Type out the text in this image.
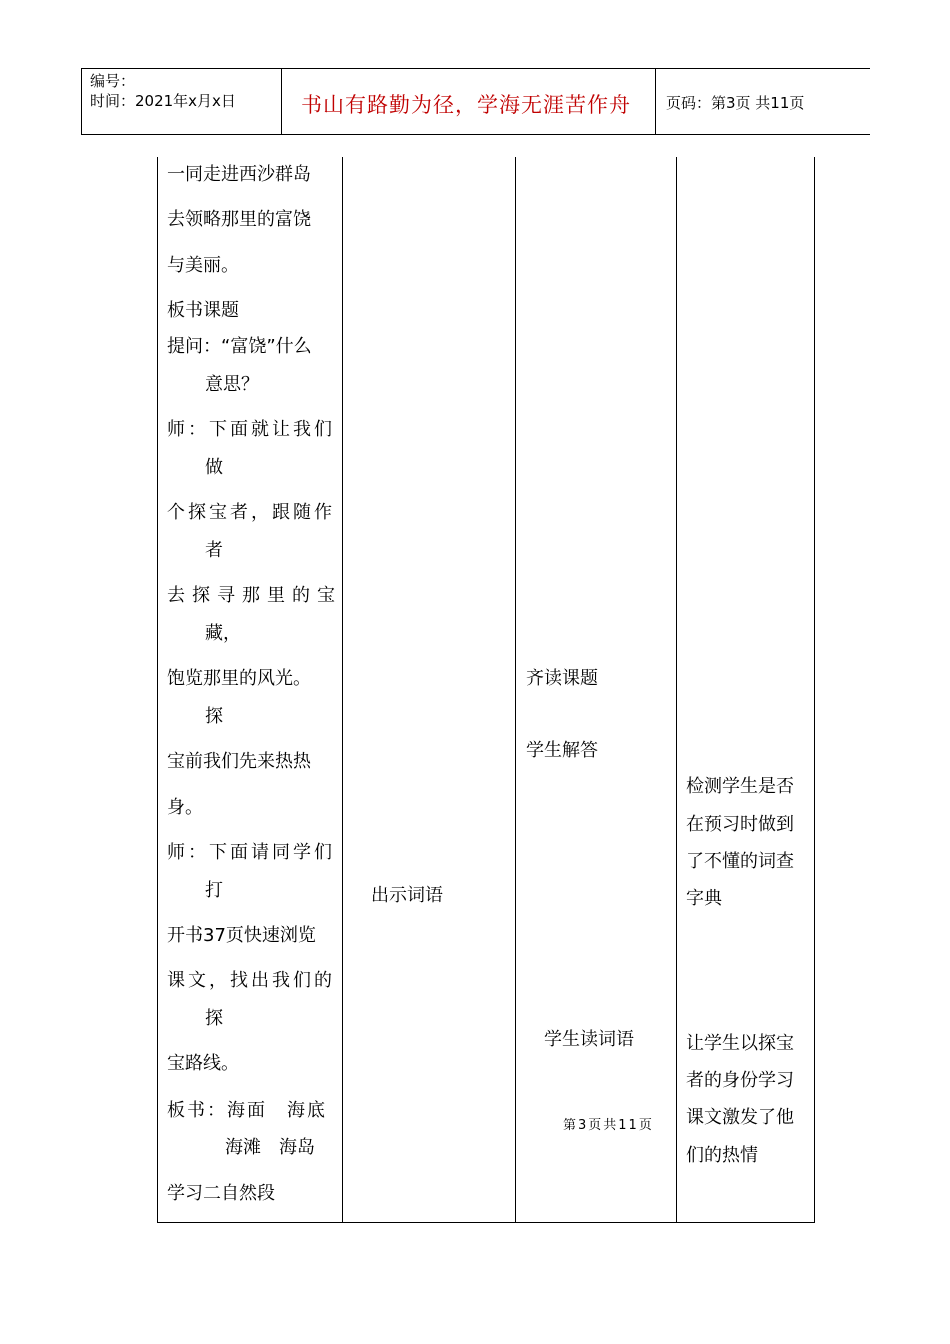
编号：
时间：2021年x月x日	书山有路勤为径，学海无涯苦作舟 页码：第3页 共11页
一同走进西沙群岛
去领略那里的富饶
与美丽。
板书课题
提问：“富饶”什么
意思？
师：下面就让我们
做
个探宝者，跟随作
者
去探寻那里的宝
藏，
饱览那里的风光。
探
宝前我们先来热热
身。
师：下面请同学们
打
开书37页快速浏览
课文，找出我们的
探
宝路线。
板书：海面　海底
海滩　海岛
学习二自然段
出示词语
齐读课题
学生解答
学生读词语
第3页共11页
检测学生是否
在预习时做到
了不懂的词查
字典
让学生以探宝
者的身份学习
课文激发了他
们的热情
